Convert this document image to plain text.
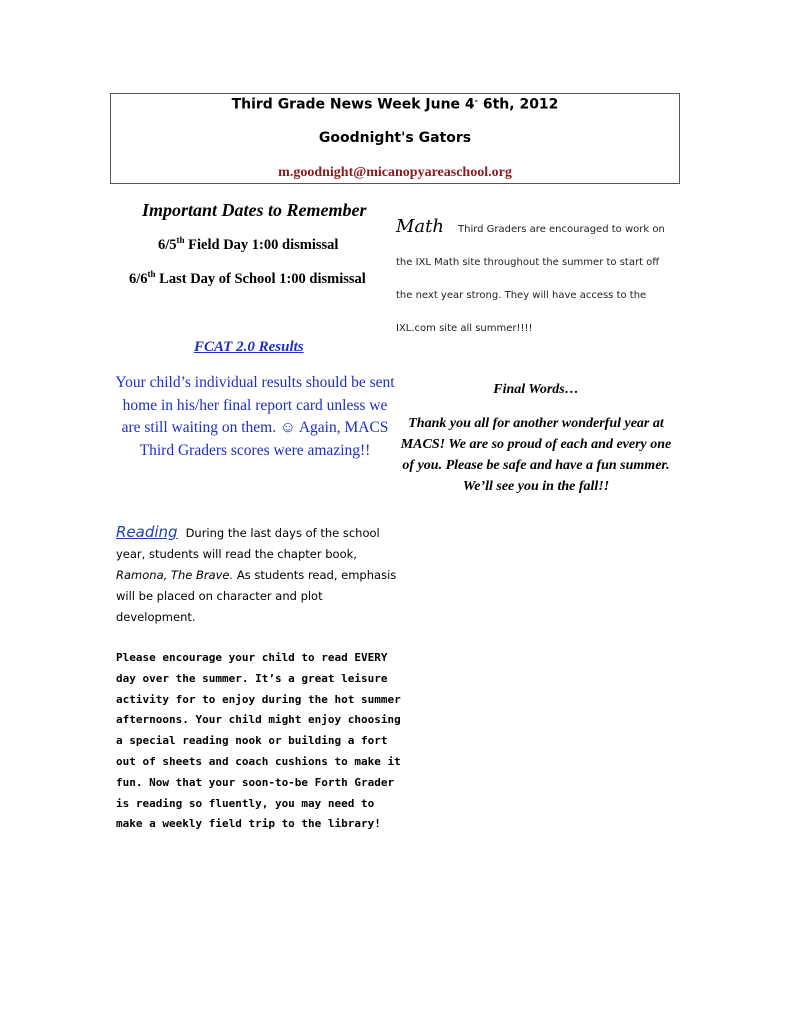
Third Grade News Week June 4- 6th, 2012
Goodnight's Gators
m.goodnight@micanopyareaschool.org
Important Dates to Remember
6/5th Field Day 1:00 dismissal
6/6th Last Day of School 1:00 dismissal
FCAT 2.0 Results
Your child’s individual results should be sent home in his/her final report card unless we are still waiting on them. ☺ Again, MACS Third Graders scores were amazing!!
Reading During the last days of the school year, students will read the chapter book, Ramona, The Brave. As students read, emphasis will be placed on character and plot development.
Please encourage your child to read EVERY day over the summer. It’s a great leisure activity for to enjoy during the hot summer afternoons. Your child might enjoy choosing a special reading nook or building a fort out of sheets and coach cushions to make it fun. Now that your soon-to-be Forth Grader is reading so fluently, you may need to make a weekly field trip to the library!
Math Third Graders are encouraged to work on the IXL Math site throughout the summer to start off the next year strong. They will have access to the IXL.com site all summer!!!!
Final Words…
Thank you all for another wonderful year at MACS! We are so proud of each and every one of you. Please be safe and have a fun summer. We’ll see you in the fall!!
